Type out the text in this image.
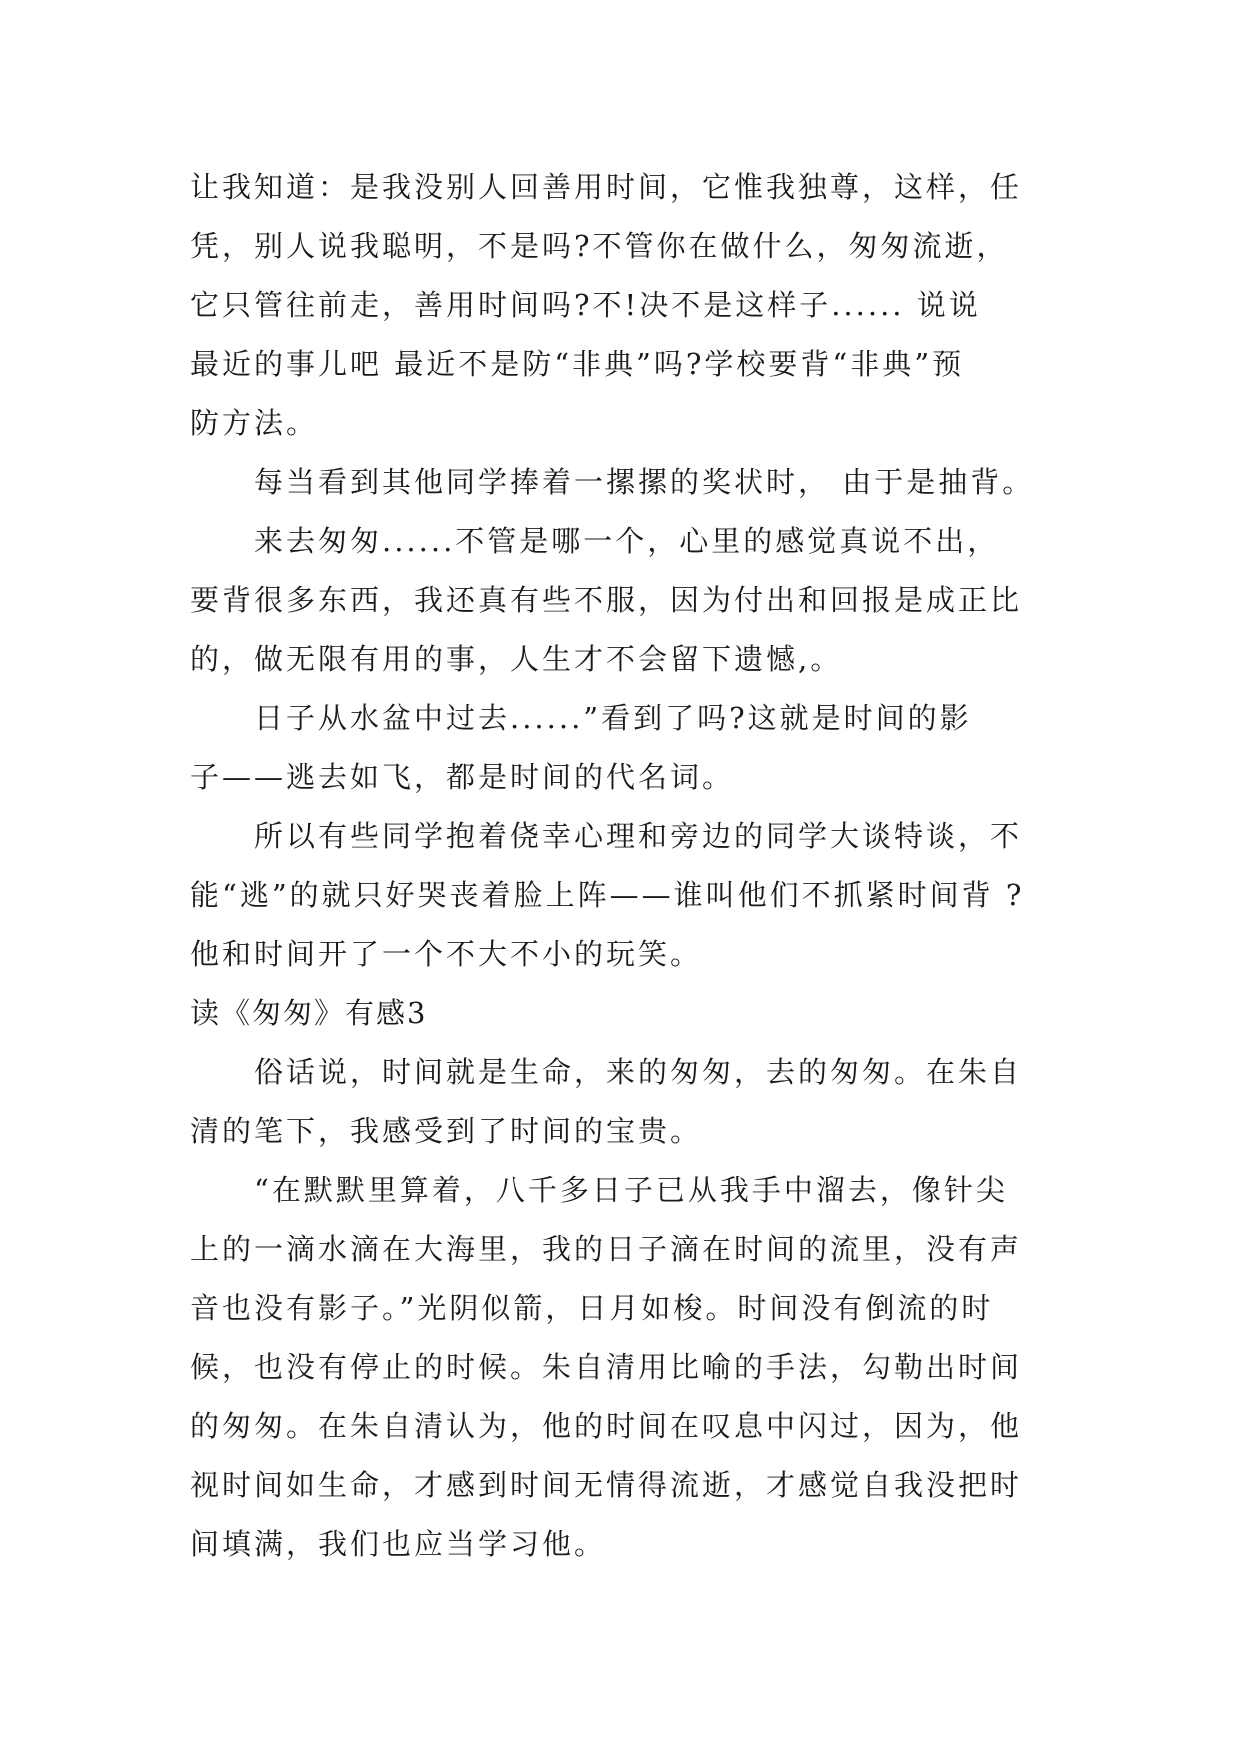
让我知道：是我没别人回善用时间，它惟我独尊，这样，任
凭，别人说我聪明，不是吗?不管你在做什么，匆匆流逝，
它只管往前走，善用时间吗?不!决不是这样子...... 说说
最近的事儿吧 最近不是防“非典”吗?学校要背“非典”预
防方法。
每当看到其他同学捧着一摞摞的奖状时， 由于是抽背。
来去匆匆......不管是哪一个，心里的感觉真说不出，
要背很多东西，我还真有些不服，因为付出和回报是成正比
的，做无限有用的事，人生才不会留下遗憾,。
日子从水盆中过去......”看到了吗?这就是时间的影
子——逃去如飞，都是时间的代名词。
所以有些同学抱着侥幸心理和旁边的同学大谈特谈，不
能“逃”的就只好哭丧着脸上阵——谁叫他们不抓紧时间背 ?
他和时间开了一个不大不小的玩笑。
读《匆匆》有感3
俗话说，时间就是生命，来的匆匆，去的匆匆。在朱自
清的笔下，我感受到了时间的宝贵。
“在默默里算着，八千多日子已从我手中溜去，像针尖
上的一滴水滴在大海里，我的日子滴在时间的流里，没有声
音也没有影子。”光阴似箭，日月如梭。时间没有倒流的时
候，也没有停止的时候。朱自清用比喻的手法，勾勒出时间
的匆匆。在朱自清认为，他的时间在叹息中闪过，因为，他
视时间如生命，才感到时间无情得流逝，才感觉自我没把时
间填满，我们也应当学习他。
